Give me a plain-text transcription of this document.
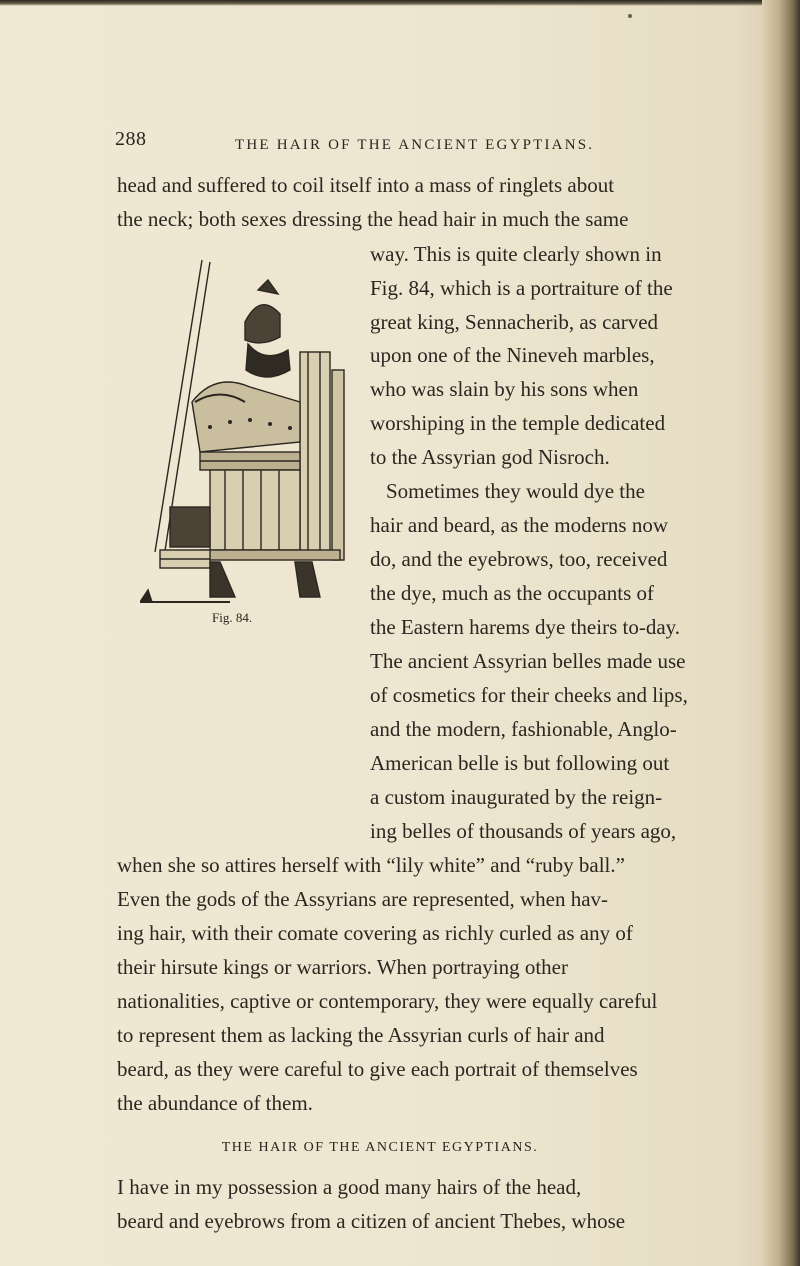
288	THE HAIR OF THE ANCIENT EGYPTIANS.
head and suffered to coil itself into a mass of ringlets about
the neck; both sexes dressing the head hair in much the same
way. This is quite clearly shown in
Fig. 84, which is a portraiture of the
great king, Sennacherib, as carved
upon one of the Nineveh marbles,
who was slain by his sons when
worshiping in the temple dedicated
to the Assyrian god Nisroch.
Sometimes they would dye the
hair and beard, as the moderns now
do, and the eyebrows, too, received
the dye, much as the occupants of
the Eastern harems dye theirs to-day.
The ancient Assyrian belles made use
of cosmetics for their cheeks and lips,
and the modern, fashionable, Anglo-
American belle is but following out
a custom inaugurated by the reign-
ing belles of thousands of years ago,
Fig. 84.
when she so attires herself with “lily white” and “ruby ball.”
Even the gods of the Assyrians are represented, when hav-
ing hair, with their comate covering as richly curled as any of
their hirsute kings or warriors. When portraying other
nationalities, captive or contemporary, they were equally careful
to represent them as lacking the Assyrian curls of hair and
beard, as they were careful to give each portrait of themselves
the abundance of them.
THE HAIR OF THE ANCIENT EGYPTIANS.
I have in my possession a good many hairs of the head,
beard and eyebrows from a citizen of ancient Thebes, whose
